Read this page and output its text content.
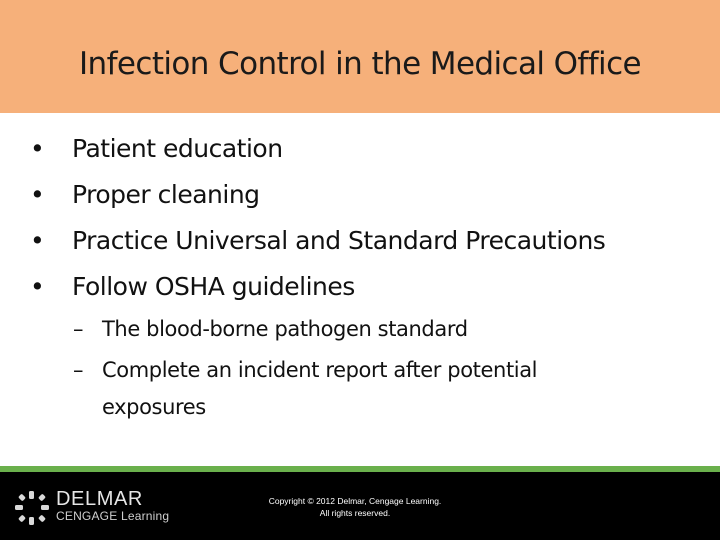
Infection Control in the Medical Office
• Patient education
• Proper cleaning
• Practice Universal and Standard Precautions
• Follow OSHA guidelines
– The blood-borne pathogen standard
– Complete an incident report after potential exposures
DELMAR
CENGAGE Learning
Copyright © 2012 Delmar, Cengage Learning.
All rights reserved.
